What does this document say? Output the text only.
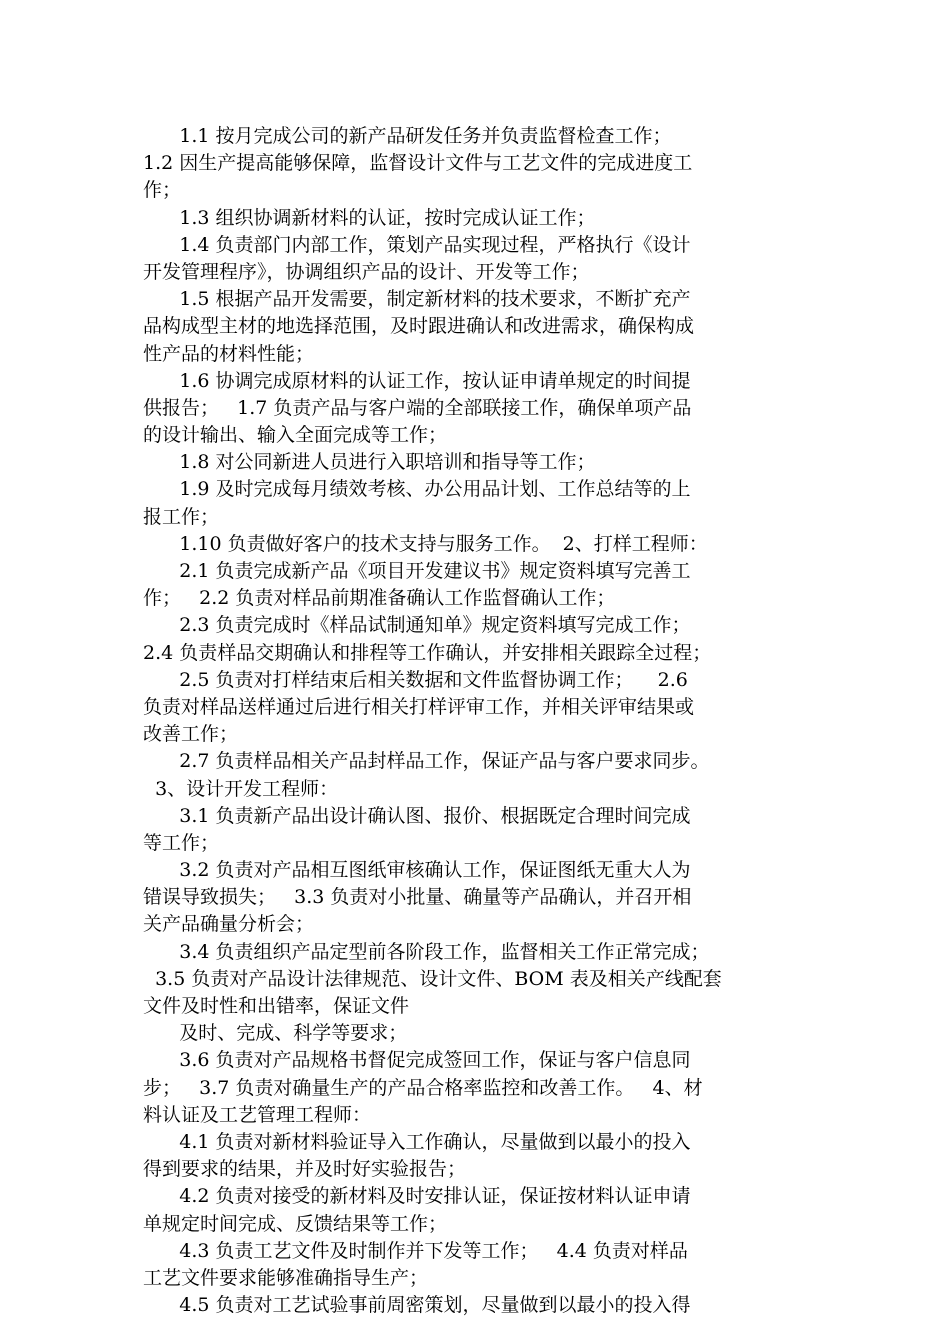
1.1 按月完成公司的新产品研发任务并负责监督检查工作；
1.2 因生产提高能够保障，监督设计文件与工艺文件的完成进度工
作；
1.3 组织协调新材料的认证，按时完成认证工作；
1.4 负责部门内部工作，策划产品实现过程，严格执行《设计
开发管理程序》，协调组织产品的设计、开发等工作；
1.5 根据产品开发需要，制定新材料的技术要求，不断扩充产
品构成型主材的地选择范围，及时跟进确认和改进需求，确保构成
性产品的材料性能；
1.6 协调完成原材料的认证工作，按认证申请单规定的时间提
供报告；   1.7 负责产品与客户端的全部联接工作，确保单项产品
的设计输出、输入全面完成等工作；
1.8 对公同新进人员进行入职培训和指导等工作；
1.9 及时完成每月绩效考核、办公用品计划、工作总结等的上
报工作；
1.10 负责做好客户的技术支持与服务工作。  2、打样工程师：
2.1 负责完成新产品《项目开发建议书》规定资料填写完善工
作；   2.2 负责对样品前期准备确认工作监督确认工作；
2.3 负责完成时《样品试制通知单》规定资料填写完成工作；
2.4 负责样品交期确认和排程等工作确认，并安排相关跟踪全过程；
2.5 负责对打样结束后相关数据和文件监督协调工作；    2.6
负责对样品送样通过后进行相关打样评审工作，并相关评审结果或
改善工作；
2.7 负责样品相关产品封样品工作，保证产品与客户要求同步。
3、设计开发工程师：
3.1 负责新产品出设计确认图、报价、根据既定合理时间完成
等工作；
3.2 负责对产品相互图纸审核确认工作，保证图纸无重大人为
错误导致损失；   3.3 负责对小批量、确量等产品确认，并召开相
关产品确量分析会；
3.4 负责组织产品定型前各阶段工作，监督相关工作正常完成；
3.5 负责对产品设计法律规范、设计文件、BOM 表及相关产线配套
文件及时性和出错率，保证文件
及时、完成、科学等要求；
3.6 负责对产品规格书督促完成签回工作，保证与客户信息同
步；   3.7 负责对确量生产的产品合格率监控和改善工作。   4、材
料认证及工艺管理工程师：
4.1 负责对新材料验证导入工作确认，尽量做到以最小的投入
得到要求的结果，并及时好实验报告；
4.2 负责对接受的新材料及时安排认证，保证按材料认证申请
单规定时间完成、反馈结果等工作；
4.3 负责工艺文件及时制作并下发等工作；   4.4 负责对样品
工艺文件要求能够准确指导生产；
4.5 负责对工艺试验事前周密策划，尽量做到以最小的投入得
